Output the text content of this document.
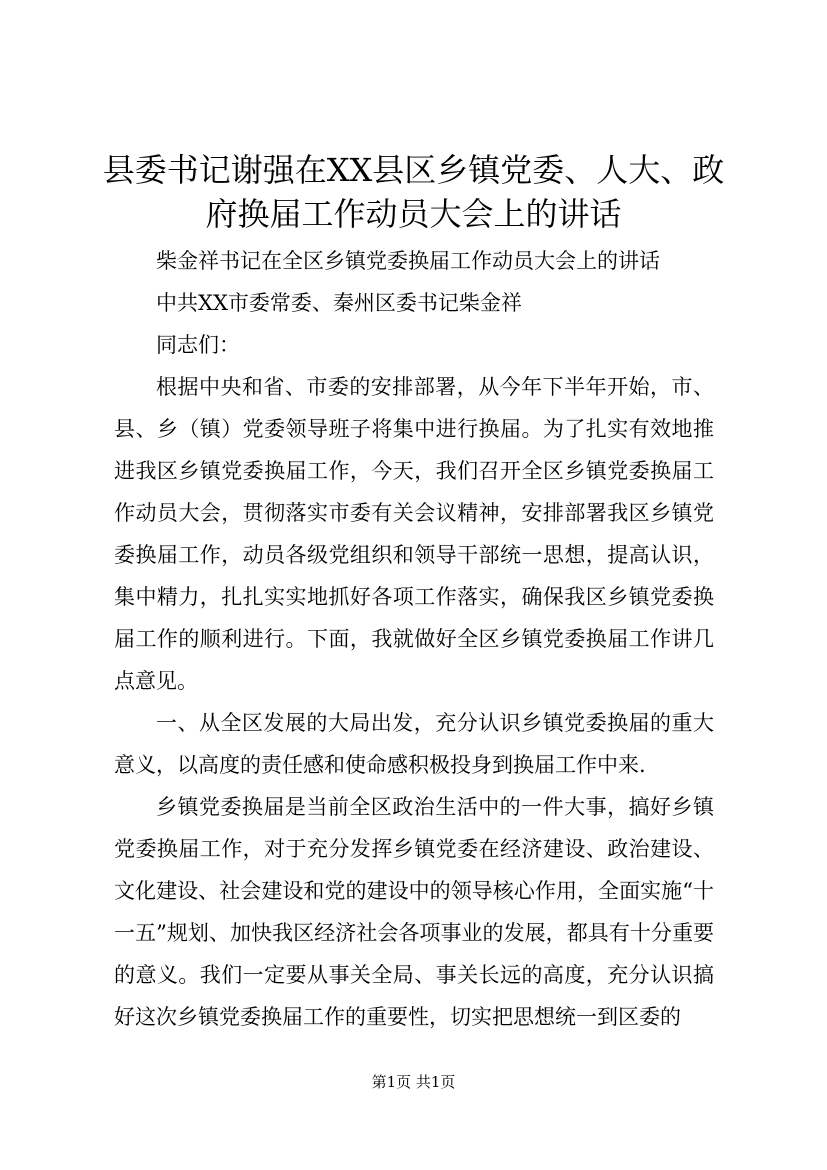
县委书记谢强在XX县区乡镇党委、人大、政府换届工作动员大会上的讲话

柴金祥书记在全区乡镇党委换届工作动员大会上的讲话

中共XX市委常委、秦州区委书记柴金祥

同志们：

根据中央和省、市委的安排部署，从今年下半年开始，市、县、乡（镇）党委领导班子将集中进行换届。为了扎实有效地推进我区乡镇党委换届工作，今天，我们召开全区乡镇党委换届工作动员大会，贯彻落实市委有关会议精神，安排部署我区乡镇党委换届工作，动员各级党组织和领导干部统一思想，提高认识，集中精力，扎扎实实地抓好各项工作落实，确保我区乡镇党委换届工作的顺利进行。下面，我就做好全区乡镇党委换届工作讲几点意见。

一、从全区发展的大局出发，充分认识乡镇党委换届的重大意义，以高度的责任感和使命感积极投身到换届工作中来.

乡镇党委换届是当前全区政治生活中的一件大事，搞好乡镇党委换届工作，对于充分发挥乡镇党委在经济建设、政治建设、文化建设、社会建设和党的建设中的领导核心作用，全面实施“十一五”规划、加快我区经济社会各项事业的发展，都具有十分重要的意义。我们一定要从事关全局、事关长远的高度，充分认识搞好这次乡镇党委换届工作的重要性，切实把思想统一到区委的

第1页 共1页
